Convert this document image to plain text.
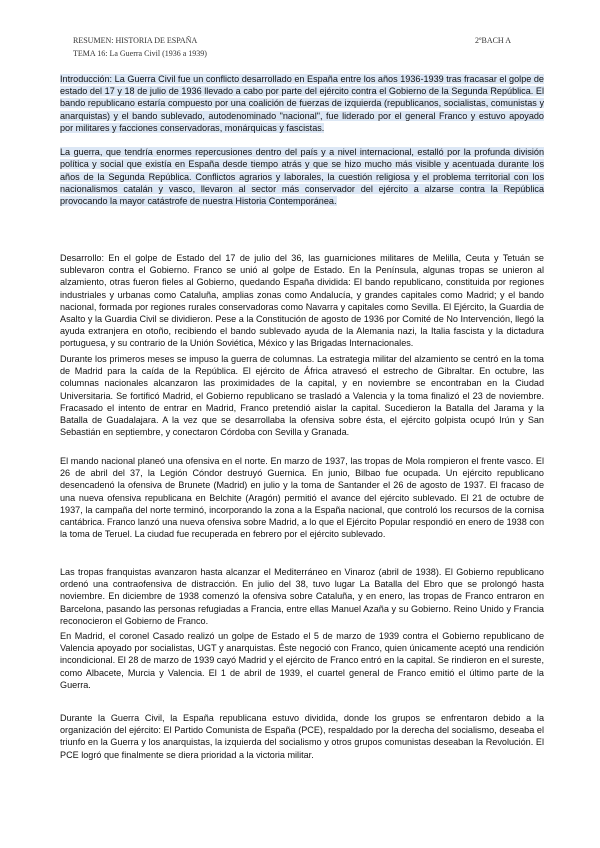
RESUMEN: HISTORIA DE ESPAÑA
TEMA 16: La Guerra Civil (1936 a 1939)
2ºBACH A

Introducción: La Guerra Civil fue un conflicto desarrollado en España entre los años 1936-1939 tras fracasar el golpe de estado del 17 y 18 de julio de 1936 llevado a cabo por parte del ejército contra el Gobierno de la Segunda República. El bando republicano estaría compuesto por una coalición de fuerzas de izquierda (republicanos, socialistas, comunistas y anarquistas) y el bando sublevado, autodenominado "nacional", fue liderado por el general Franco y estuvo apoyado por militares y facciones conservadoras, monárquicas y fascistas.

La guerra, que tendría enormes repercusiones dentro del país y a nivel internacional, estalló por la profunda división política y social que existía en España desde tiempo atrás y que se hizo mucho más visible y acentuada durante los años de la Segunda República. Conflictos agrarios y laborales, la cuestión religiosa y el problema territorial con los nacionalismos catalán y vasco, llevaron al sector más conservador del ejército a alzarse contra la República provocando la mayor catástrofe de nuestra Historia Contemporánea.

Desarrollo: En el golpe de Estado del 17 de julio del 36, las guarniciones militares de Melilla, Ceuta y Tetuán se sublevaron contra el Gobierno. Franco se unió al golpe de Estado. En la Península, algunas tropas se unieron al alzamiento, otras fueron fieles al Gobierno, quedando España dividida: El bando republicano, constituida por regiones industriales y urbanas como Cataluña, amplias zonas como Andalucía, y grandes capitales como Madrid; y el bando nacional, formada por regiones rurales conservadoras como Navarra y capitales como Sevilla. El Ejército, la Guardia de Asalto y la Guardia Civil se dividieron. Pese a la Constitución de agosto de 1936 por Comité de No Intervención, llegó la ayuda extranjera en otoño, recibiendo el bando sublevado ayuda de la Alemania nazi, la Italia fascista y la dictadura portuguesa, y su contrario de la Unión Soviética, México y las Brigadas Internacionales.

Durante los primeros meses se impuso la guerra de columnas. La estrategia militar del alzamiento se centró en la toma de Madrid para la caída de la República. El ejército de África atravesó el estrecho de Gibraltar. En octubre, las columnas nacionales alcanzaron las proximidades de la capital, y en noviembre se encontraban en la Ciudad Universitaria. Se fortificó Madrid, el Gobierno republicano se trasladó a Valencia y la toma finalizó el 23 de noviembre. Fracasado el intento de entrar en Madrid, Franco pretendió aislar la capital. Sucedieron la Batalla del Jarama y la Batalla de Guadalajara. A la vez que se desarrollaba la ofensiva sobre ésta, el ejército golpista ocupó Irún y San Sebastián en septiembre, y conectaron Córdoba con Sevilla y Granada.

El mando nacional planeó una ofensiva en el norte. En marzo de 1937, las tropas de Mola rompieron el frente vasco. El 26 de abril del 37, la Legión Cóndor destruyó Guernica. En junio, Bilbao fue ocupada. Un ejército republicano desencadenó la ofensiva de Brunete (Madrid) en julio y la toma de Santander el 26 de agosto de 1937. El fracaso de una nueva ofensiva republicana en Belchite (Aragón) permitió el avance del ejército sublevado. El 21 de octubre de 1937, la campaña del norte terminó, incorporando la zona a la España nacional, que controló los recursos de la cornisa cantábrica. Franco lanzó una nueva ofensiva sobre Madrid, a lo que el Ejército Popular respondió en enero de 1938 con la toma de Teruel. La ciudad fue recuperada en febrero por el ejército sublevado.

Las tropas franquistas avanzaron hasta alcanzar el Mediterráneo en Vinaroz (abril de 1938). El Gobierno republicano ordenó una contraofensiva de distracción. En julio del 38, tuvo lugar La Batalla del Ebro que se prolongó hasta noviembre. En diciembre de 1938 comenzó la ofensiva sobre Cataluña, y en enero, las tropas de Franco entraron en Barcelona, pasando las personas refugiadas a Francia, entre ellas Manuel Azaña y su Gobierno. Reino Unido y Francia reconocieron el Gobierno de Franco.

En Madrid, el coronel Casado realizó un golpe de Estado el 5 de marzo de 1939 contra el Gobierno republicano de Valencia apoyado por socialistas, UGT y anarquistas. Éste negoció con Franco, quien únicamente aceptó una rendición incondicional. El 28 de marzo de 1939 cayó Madrid y el ejército de Franco entró en la capital. Se rindieron en el sureste, como Albacete, Murcia y Valencia. El 1 de abril de 1939, el cuartel general de Franco emitió el último parte de la Guerra.

Durante la Guerra Civil, la España republicana estuvo dividida, donde los grupos se enfrentaron debido a la organización del ejército: El Partido Comunista de España (PCE), respaldado por la derecha del socialismo, deseaba el triunfo en la Guerra y los anarquistas, la izquierda del socialismo y otros grupos comunistas deseaban la Revolución. El PCE logró que finalmente se diera prioridad a la victoria militar.
